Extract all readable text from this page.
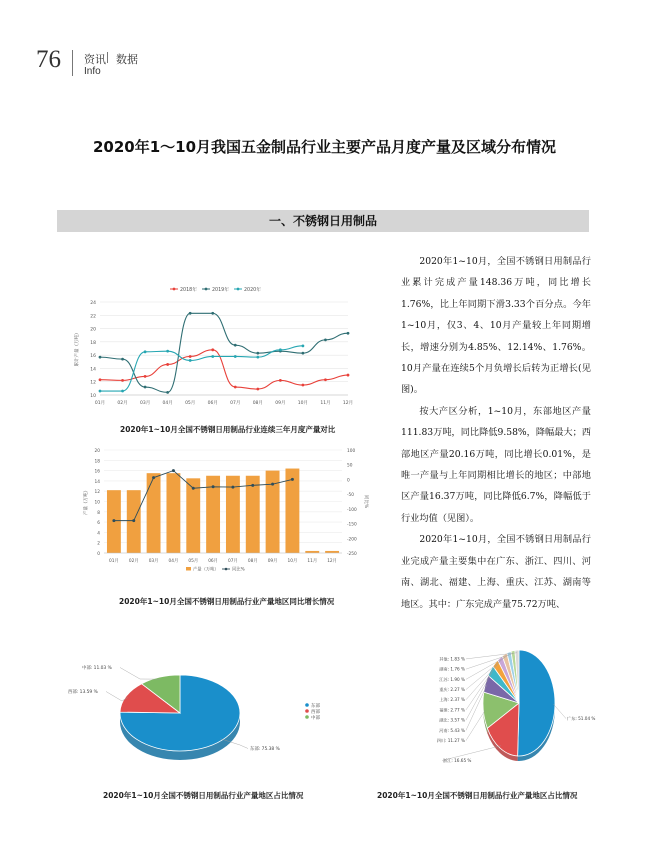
76 资讯 数据
Info
2020年1～10月我国五金制品行业主要产品月度产量及区域分布情况
一、不锈钢日用制品

2020年1~10月，全国不锈钢日用制品行业累计完成产量148.36万吨，同比增长1.76%，比上年同期下滑3.33个百分点。今年1~10月，仅3、4、10月产量较上年同期增长，增速分别为4.85%、12.14%、1.76%。10月产量在连续5个月负增长后转为正增长(见图)。

按大产区分析，1~10月，东部地区产量111.83万吨，同比降低9.58%，降幅最大；西部地区产量20.16万吨，同比增长0.01%，是唯一产量与上年同期相比增长的地区；中部地区产量16.37万吨，同比降低6.7%，降幅低于行业均值（见图）。

2020年1~10月，全国不锈钢日用制品行业完成产量主要集中在广东、浙江、四川、河南、湖北、福建、上海、重庆、江苏、湖南等地区。其中：广东完成产量75.72万吨、

24
22
20
18
16
14
12
10
累计产量（万吨）
01月	02月	03月	04月	05月	06月	07月	08月	09月	10月	11月	12月
2018年	2019年	2020年
2020年1~10月全国不锈钢日用制品行业连续三年月度产量对比
20
18
16
14
12
10
8
6
4
2
0
100
50
0
-50
-100
-150
-200
-250
产量（万吨）	同比%
01月 02月 03月 04月 05月 06月 07月 08月 09月 10月 11月 12月
产量（万吨）	同比%
2020年1~10月全国不锈钢日用制品行业产量地区同比增长情况
东部: 75.38 %
西部: 13.59 %
中部: 11.03 %
东部
西部
中部
2020年1~10月全国不锈钢日用制品行业产量地区占比情况
广东: 51.04 %
浙江: 16.65 %
四川: 11.27 %
河南: 5.43 %
湖北: 3.57 %
福建: 2.77 %
上海: 2.37 %
重庆: 2.27 %
江苏: 1.90 %
湖南: 1.76 %
其他: 1.83 %
2020年1~10月全国不锈钢日用制品行业产量地区占比情况
